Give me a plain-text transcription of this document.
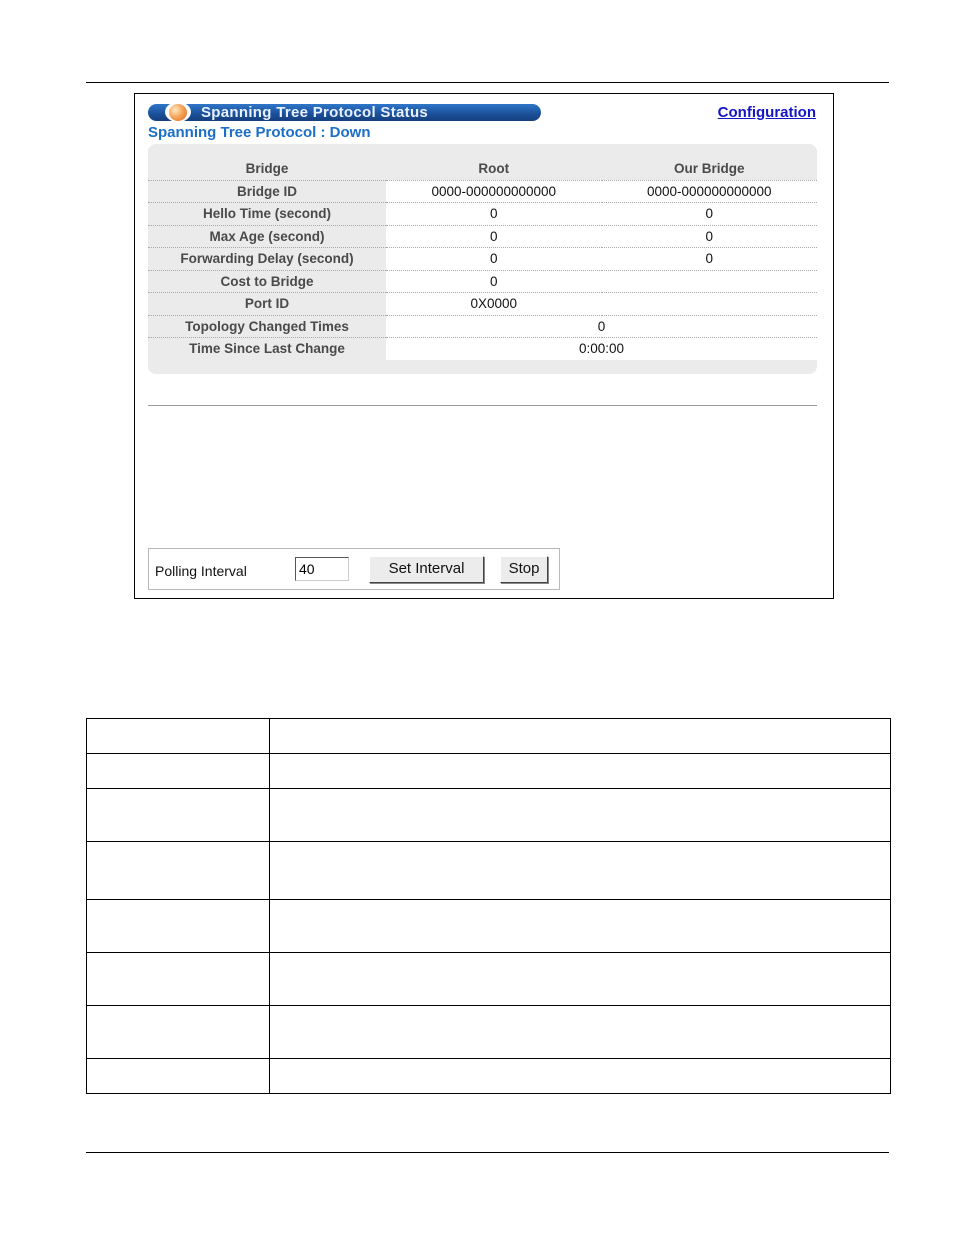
Spanning Tree Protocol Status	Configuration
Spanning Tree Protocol : Down
Bridge	Root	Our Bridge
Bridge ID	0000-000000000000	0000-000000000000
Hello Time (second)	0	0
Max Age (second)	0	0
Forwarding Delay (second)	0	0
Cost to Bridge	0	
Port ID	0X0000	
Topology Changed Times	0	
Time Since Last Change	0:00:00	
Polling Interval
40	Set Interval	Stop
